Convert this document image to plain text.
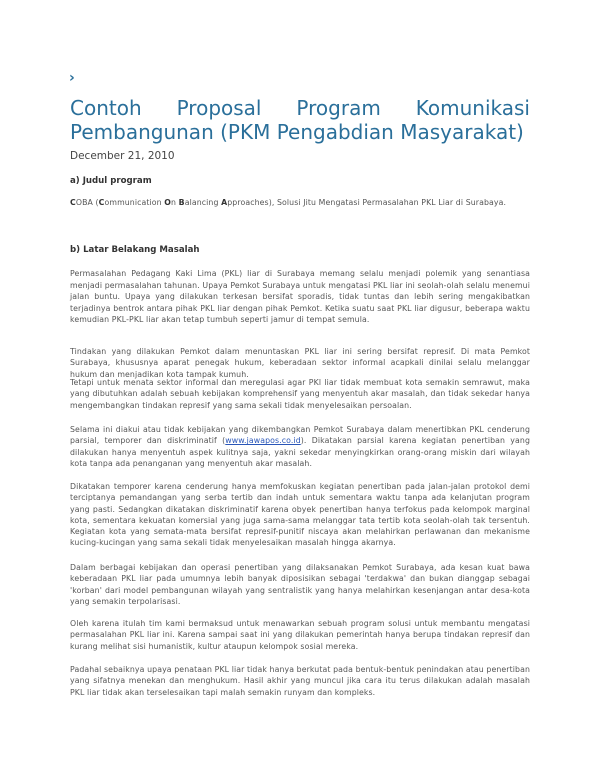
›
Contoh Proposal Program Komunikasi Pembangunan (PKM Pengabdian Masyarakat)
December 21, 2010
a) Judul program

COBA (Communication On Balancing Approaches), Solusi Jitu Mengatasi Permasalahan PKL Liar di Surabaya.

b) Latar Belakang Masalah

Permasalahan Pedagang Kaki Lima (PKL) liar di Surabaya memang selalu menjadi polemik yang senantiasa menjadi permasalahan tahunan. Upaya Pemkot Surabaya untuk mengatasi PKL liar ini seolah-olah selalu menemui jalan buntu. Upaya yang dilakukan terkesan bersifat sporadis, tidak tuntas dan lebih sering mengakibatkan terjadinya bentrok antara pihak PKL liar dengan pihak Pemkot. Ketika suatu saat PKL liar digusur, beberapa waktu kemudian PKL-PKL liar akan tetap tumbuh seperti jamur di tempat semula.

Tindakan yang dilakukan Pemkot dalam menuntaskan PKL liar ini sering bersifat represif. Di mata Pemkot Surabaya, khususnya aparat penegak hukum, keberadaan sektor informal acapkali dinilai selalu melanggar hukum dan menjadikan kota tampak kumuh.

Tetapi untuk menata sektor informal dan meregulasi agar PKl liar tidak membuat kota semakin semrawut, maka yang dibutuhkan adalah sebuah kebijakan komprehensif yang menyentuh akar masalah, dan tidak sekedar hanya mengembangkan tindakan represif yang sama sekali tidak menyelesaikan persoalan.

Selama ini diakui atau tidak kebijakan yang dikembangkan Pemkot Surabaya dalam menertibkan PKL cenderung parsial, temporer dan diskriminatif (www.jawapos.co.id). Dikatakan parsial karena kegiatan penertiban yang dilakukan hanya menyentuh aspek kulitnya saja, yakni sekedar menyingkirkan orang-orang miskin dari wilayah kota tanpa ada penanganan yang menyentuh akar masalah.

Dikatakan temporer karena cenderung hanya memfokuskan kegiatan penertiban pada jalan-jalan protokol demi terciptanya pemandangan yang serba tertib dan indah untuk sementara waktu tanpa ada kelanjutan program yang pasti. Sedangkan dikatakan diskriminatif karena obyek penertiban hanya terfokus pada kelompok marginal kota, sementara kekuatan komersial yang juga sama-sama melanggar tata tertib kota seolah-olah tak tersentuh. Kegiatan kota yang semata-mata bersifat represif-punitif niscaya akan melahirkan perlawanan dan mekanisme kucing-kucingan yang sama sekali tidak menyelesaikan masalah hingga akarnya.

Dalam berbagai kebijakan dan operasi penertiban yang dilaksanakan Pemkot Surabaya, ada kesan kuat bawa keberadaan PKL liar pada umumnya lebih banyak diposisikan sebagai 'terdakwa' dan bukan dianggap sebagai 'korban' dari model pembangunan wilayah yang sentralistik yang hanya melahirkan kesenjangan antar desa-kota yang semakin terpolarisasi.

Oleh karena itulah tim kami bermaksud untuk menawarkan sebuah program solusi untuk membantu mengatasi permasalahan PKL liar ini. Karena sampai saat ini yang dilakukan pemerintah hanya berupa tindakan represif dan kurang melihat sisi humanistik, kultur ataupun kelompok sosial mereka.

Padahal sebaiknya upaya penataan PKL liar tidak hanya berkutat pada bentuk-bentuk penindakan atau penertiban yang sifatnya menekan dan menghukum. Hasil akhir yang muncul jika cara itu terus dilakukan adalah masalah PKL liar tidak akan terselesaikan tapi malah semakin runyam dan kompleks.
